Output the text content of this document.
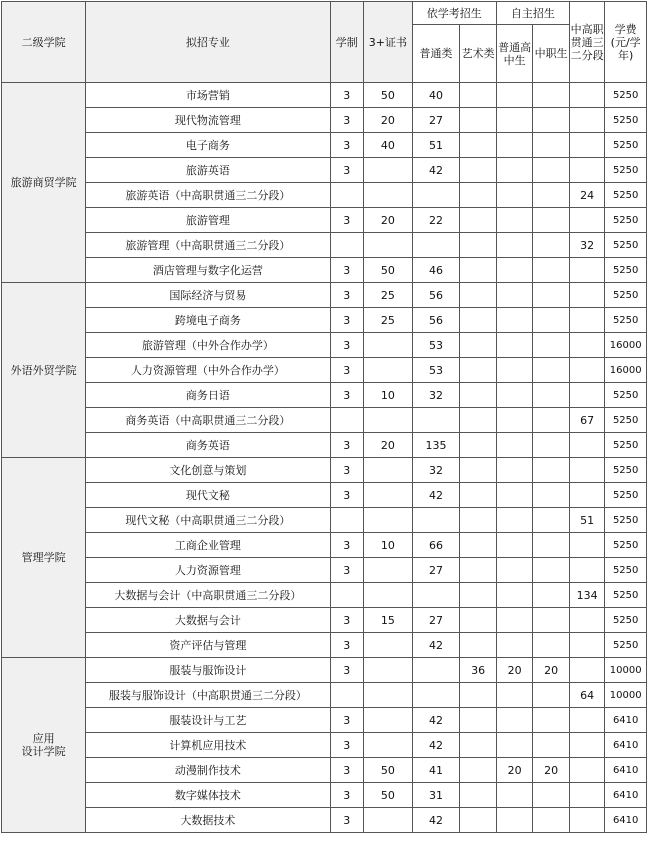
二级学院	拟招专业	学制	3+证书	依学考招生		自主招生		中高职贯通三二分段	学费(元/学年)
				普通类	艺术类	普通高中生	中职生		
旅游商贸学院	市场营销	3	50	40					5250
	现代物流管理	3	20	27					5250
	电子商务	3	40	51					5250
	旅游英语	3		42					5250
	旅游英语（中高职贯通三二分段）							24	5250
	旅游管理	3	20	22					5250
	旅游管理（中高职贯通三二分段）							32	5250
	酒店管理与数字化运营	3	50	46					5250
外语外贸学院	国际经济与贸易	3	25	56					5250
	跨境电子商务	3	25	56					5250
	旅游管理（中外合作办学）	3		53					16000
	人力资源管理（中外合作办学）	3		53					16000
	商务日语	3	10	32					5250
	商务英语（中高职贯通三二分段）							67	5250
	商务英语	3	20	135					5250
管理学院	文化创意与策划	3		32					5250
	现代文秘	3		42					5250
	现代文秘（中高职贯通三二分段）							51	5250
	工商企业管理	3	10	66					5250
	人力资源管理	3		27					5250
	大数据与会计（中高职贯通三二分段）							134	5250
	大数据与会计	3	15	27					5250
	资产评估与管理	3		42					5250
应用
设计学院	服装与服饰设计	3			36	20	20		10000
	服装与服饰设计（中高职贯通三二分段）							64	10000
	服装设计与工艺	3		42					6410
	计算机应用技术	3		42					6410
	动漫制作技术	3	50	41		20	20		6410
	数字媒体技术	3	50	31					6410
	大数据技术	3		42					6410
